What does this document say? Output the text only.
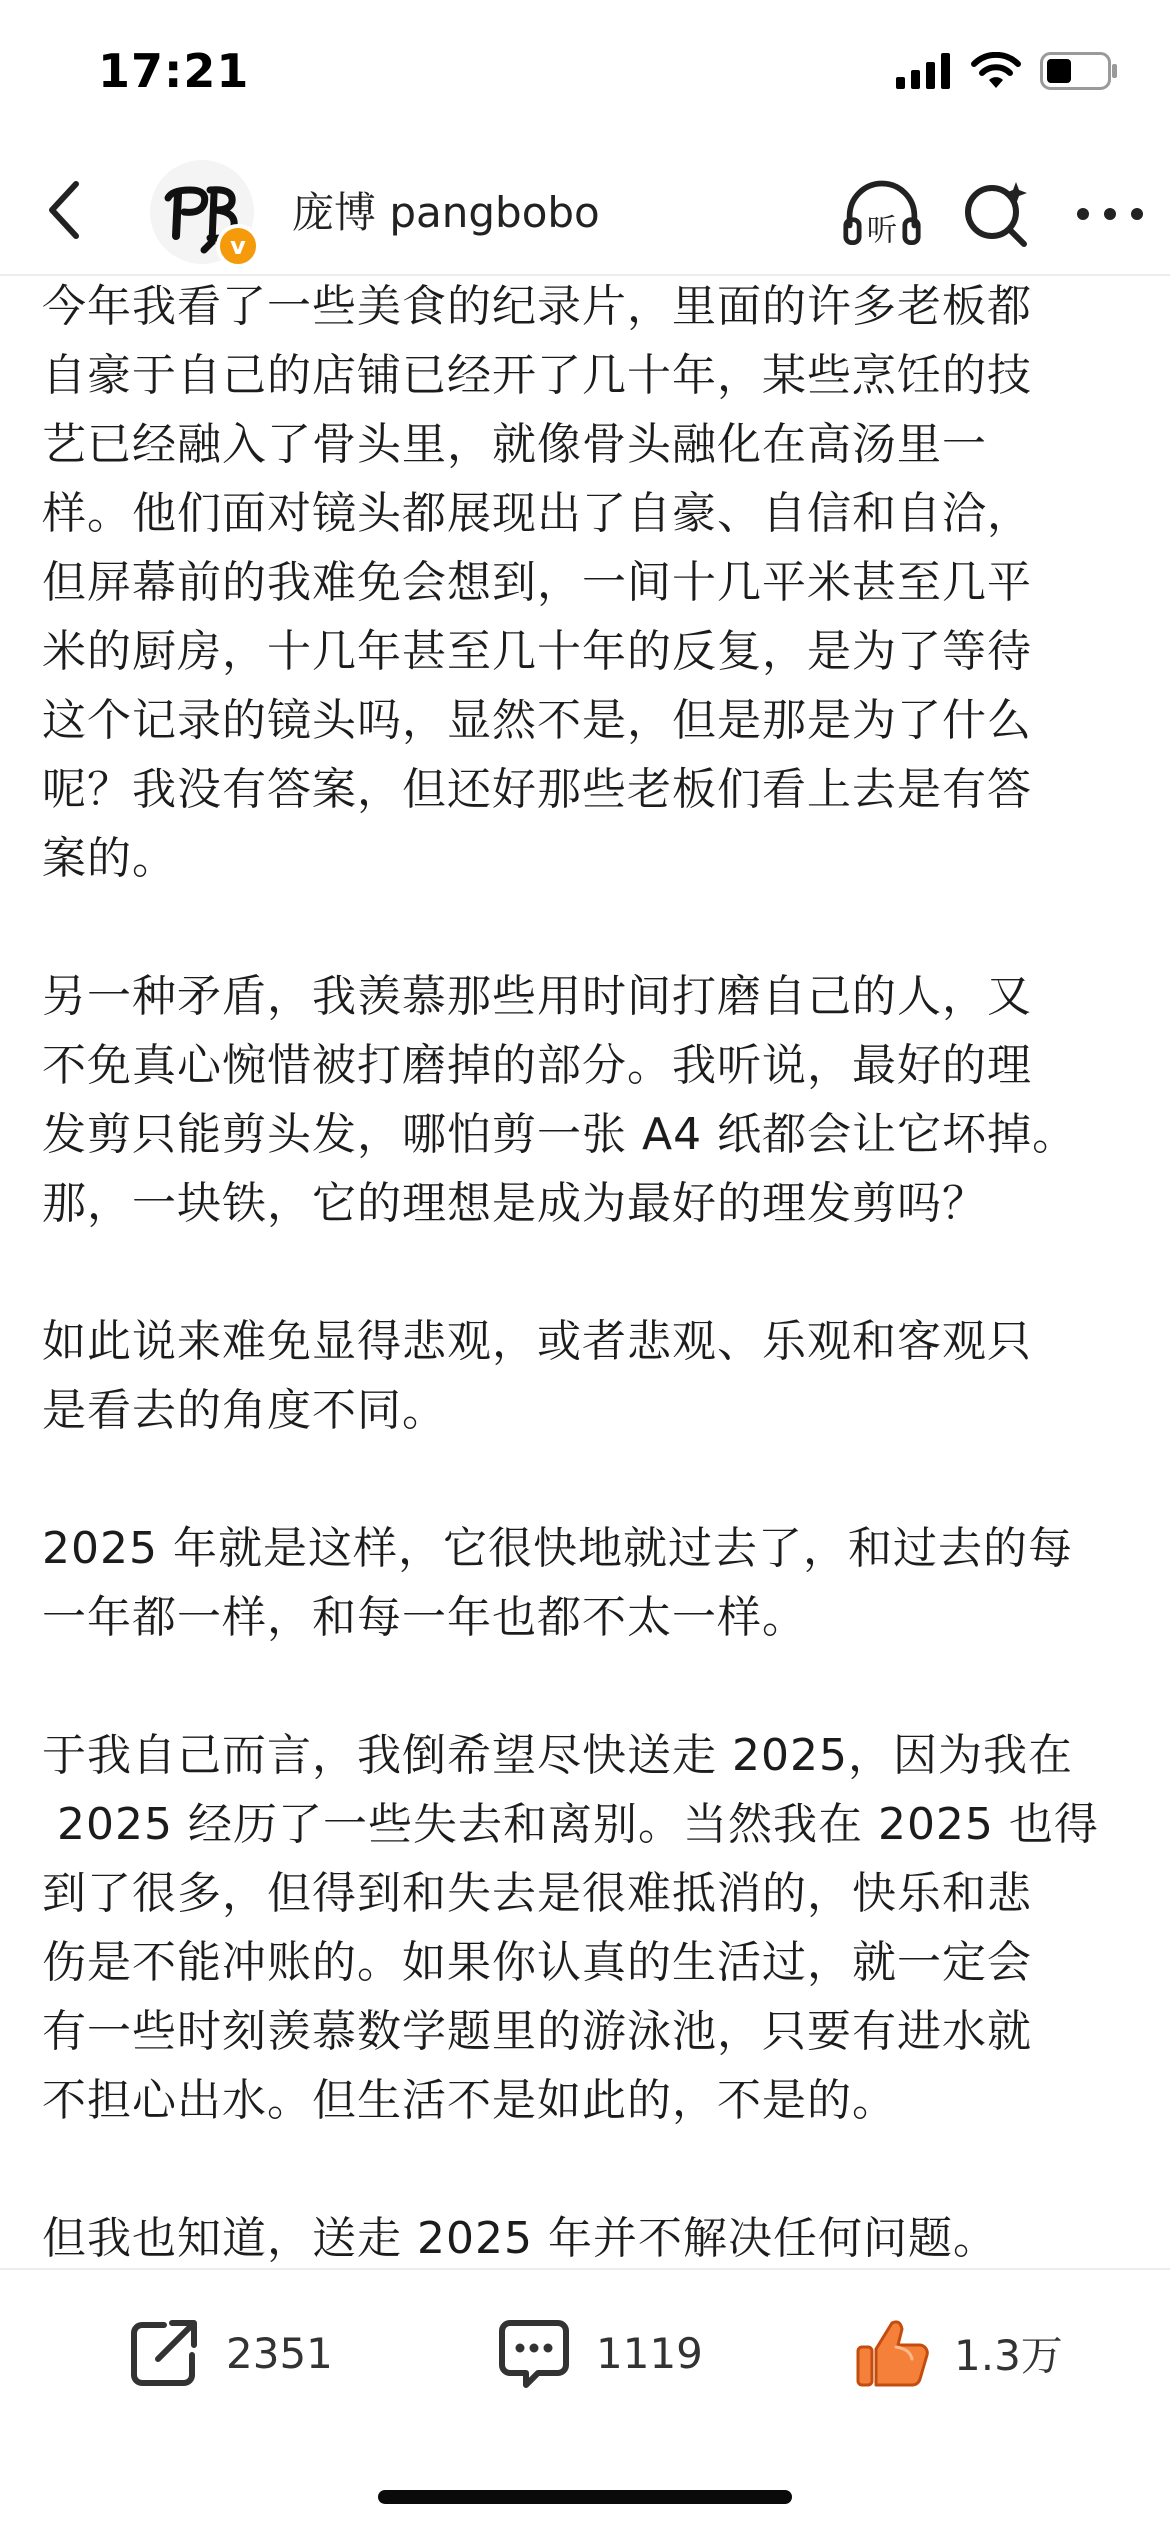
17:21
v
庞博 pangbobo	听

今年我看了一些美食的纪录片，里面的许多老板都
自豪于自己的店铺已经开了几十年，某些烹饪的技
艺已经融入了骨头里，就像骨头融化在高汤里一
样。他们面对镜头都展现出了自豪、自信和自洽，
但屏幕前的我难免会想到，一间十几平米甚至几平
米的厨房，十几年甚至几十年的反复，是为了等待
这个记录的镜头吗，显然不是，但是那是为了什么
呢？我没有答案，但还好那些老板们看上去是有答
案的。

另一种矛盾，我羡慕那些用时间打磨自己的人，又
不免真心惋惜被打磨掉的部分。我听说，最好的理
发剪只能剪头发，哪怕剪一张 A4 纸都会让它坏掉。
那，一块铁，它的理想是成为最好的理发剪吗？

如此说来难免显得悲观，或者悲观、乐观和客观只
是看去的角度不同。

2025 年就是这样，它很快地就过去了，和过去的每
一年都一样，和每一年也都不太一样。

于我自己而言，我倒希望尽快送走 2025，因为我在
2025 经历了一些失去和离别。当然我在 2025 也得
到了很多，但得到和失去是很难抵消的，快乐和悲
伤是不能冲账的。如果你认真的生活过，就一定会
有一些时刻羡慕数学题里的游泳池，只要有进水就
不担心出水。但生活不是如此的，不是的。

但我也知道，送走 2025 年并不解决任何问题。

2351	1119	1.3万
